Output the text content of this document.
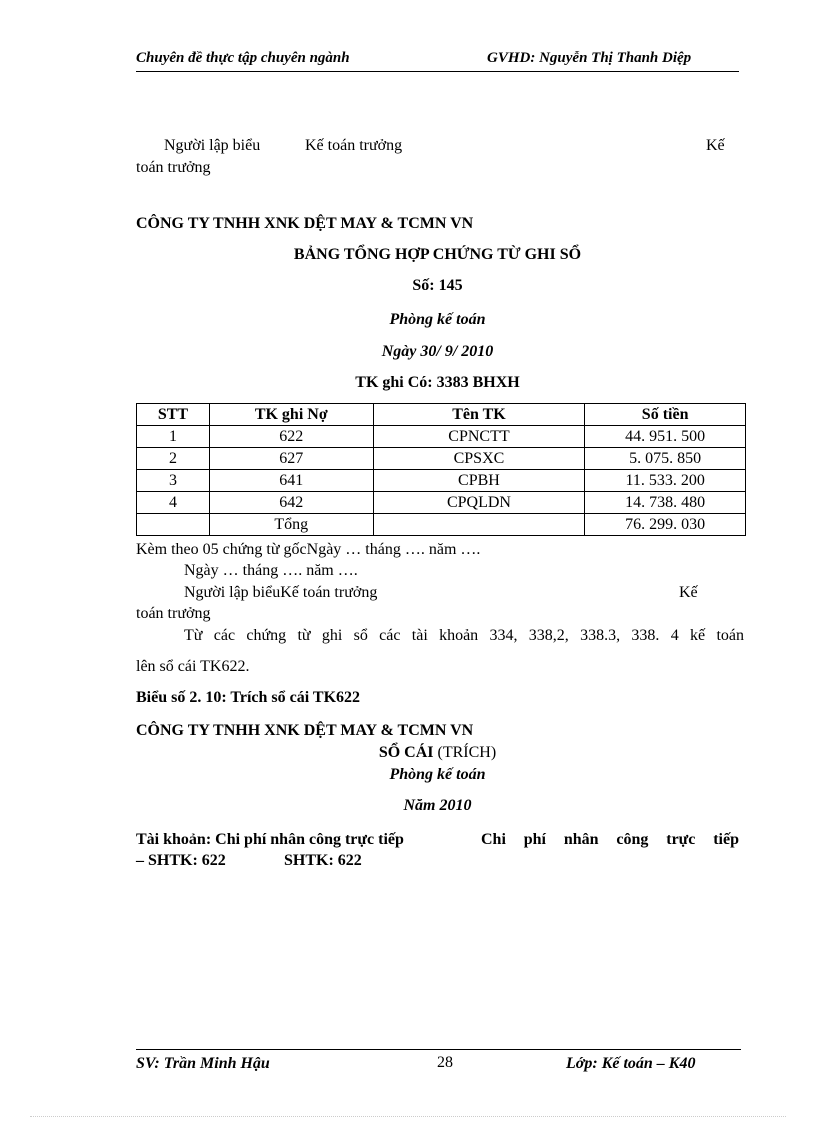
Chuyên đề thực tập chuyên ngành	GVHD: Nguyễn Thị Thanh Diệp
Người lập biểu	Kế toán trưởng	Kế
toán trưởng
CÔNG TY TNHH XNK DỆT MAY & TCMN VN
BẢNG TỔNG HỢP CHỨNG TỪ GHI SỔ
Số: 145
Phòng kế toán
Ngày 30/ 9/ 2010
TK ghi Có: 3383 BHXH
STT	TK ghi Nợ	Tên TK	Số tiền
1	622	CPNCTT	44. 951. 500
2	627	CPSXC	5. 075. 850
3	641	CPBH	11. 533. 200
4	642	CPQLDN	14. 738. 480
	Tổng		76. 299. 030
Kèm theo 05 chứng từ gốcNgày … tháng …. năm ….
Ngày … tháng …. năm ….
Người lập biểuKế toán trưởng	Kế
toán trưởng
Từ các chứng từ ghi sổ các tài khoản 334, 338,2, 338.3, 338. 4 kế toán
lên sổ cái TK622.
Biểu số 2. 10: Trích sổ cái TK622
CÔNG TY TNHH XNK DỆT MAY & TCMN VN
SỔ CÁI (TRÍCH)
Phòng kế toán
Năm 2010
Tài khoản: Chi phí nhân công trực tiếp	Chi phí nhân công trực tiếp
– SHTK: 622	SHTK: 622
SV: Trần Minh Hậu	28	Lớp: Kế toán – K40
